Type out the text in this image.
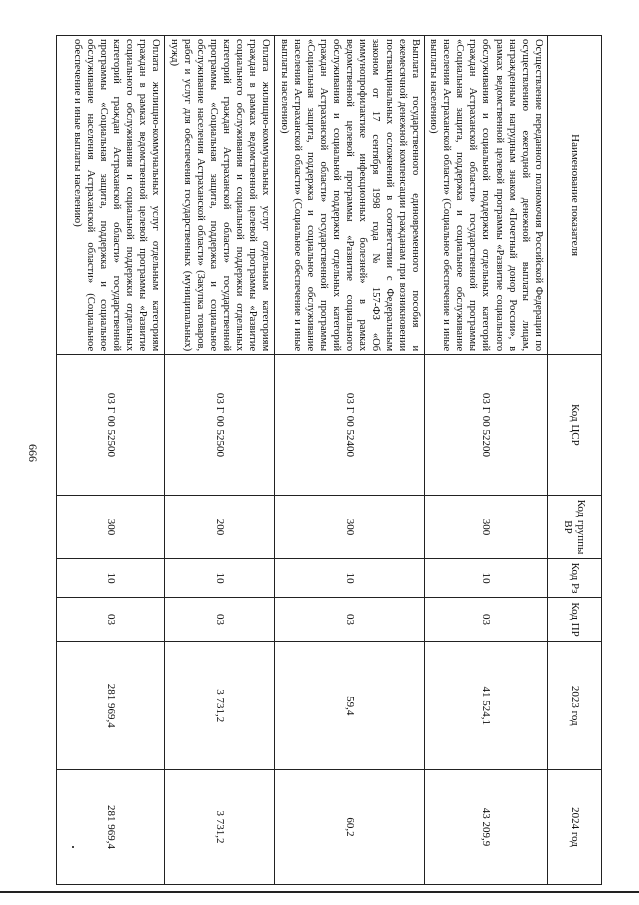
666
Наименование показателя	Код ЦСР	Код группы ВР	Код Рз	Код ПР	2023 год	2024 год
Осуществление переданного полномочия Российской Федерации по осуществлению ежегодной денежной выплаты лицам, награжденным нагрудным знаком «Почетный донор России», в рамках ведомственной целевой программы «Развитие социального обслуживания и социальной поддержки отдельных категорий граждан Астраханской области» государственной программы «Социальная защита, поддержка и социальное обслуживание населения Астраханской области» (Социальное обеспечение и иные выплаты населению)	03 Г 00 52200	300	10	03	41 524,1	43 209,9
Выплата государственного единовременного пособия и ежемесячной денежной компенсации гражданам при возникновении поствакцинальных осложнений в соответствии с Федеральным законом от 17 сентября 1998 года № 157-ФЗ «Об иммунопрофилактике инфекционных болезней» в рамках ведомственной целевой программы «Развитие социального обслуживания и социальной поддержки отдельных категорий граждан Астраханской области» государственной программы «Социальная защита, поддержка и социальное обслуживание населения Астраханской области» (Социальное обеспечение и иные выплаты населению)	03 Г 00 52400	300	10	03	59,4	60,2
Оплата жилищно-коммунальных услуг отдельным категориям граждан в рамках ведомственной целевой программы «Развитие социального обслуживания и социальной поддержки отдельных категорий граждан Астраханской области» государственной программы «Социальная защита, поддержка и социальное обслуживание населения Астраханской области» (Закупка товаров, работ и услуг для обеспечения государственных (муниципальных) нужд)	03 Г 00 52500	200	10	03	3 731,2	3 731,2
Оплата жилищно-коммунальных услуг отдельным категориям граждан в рамках ведомственной целевой программы «Развитие социального обслуживания и социальной поддержки отдельных категорий граждан Астраханской области» государственной программы «Социальная защита, поддержка и социальное обслуживание населения Астраханской области» (Социальное обеспечение и иные выплаты населению)	03 Г 00 52500	300	10	03	281 969,4	281 969,4
